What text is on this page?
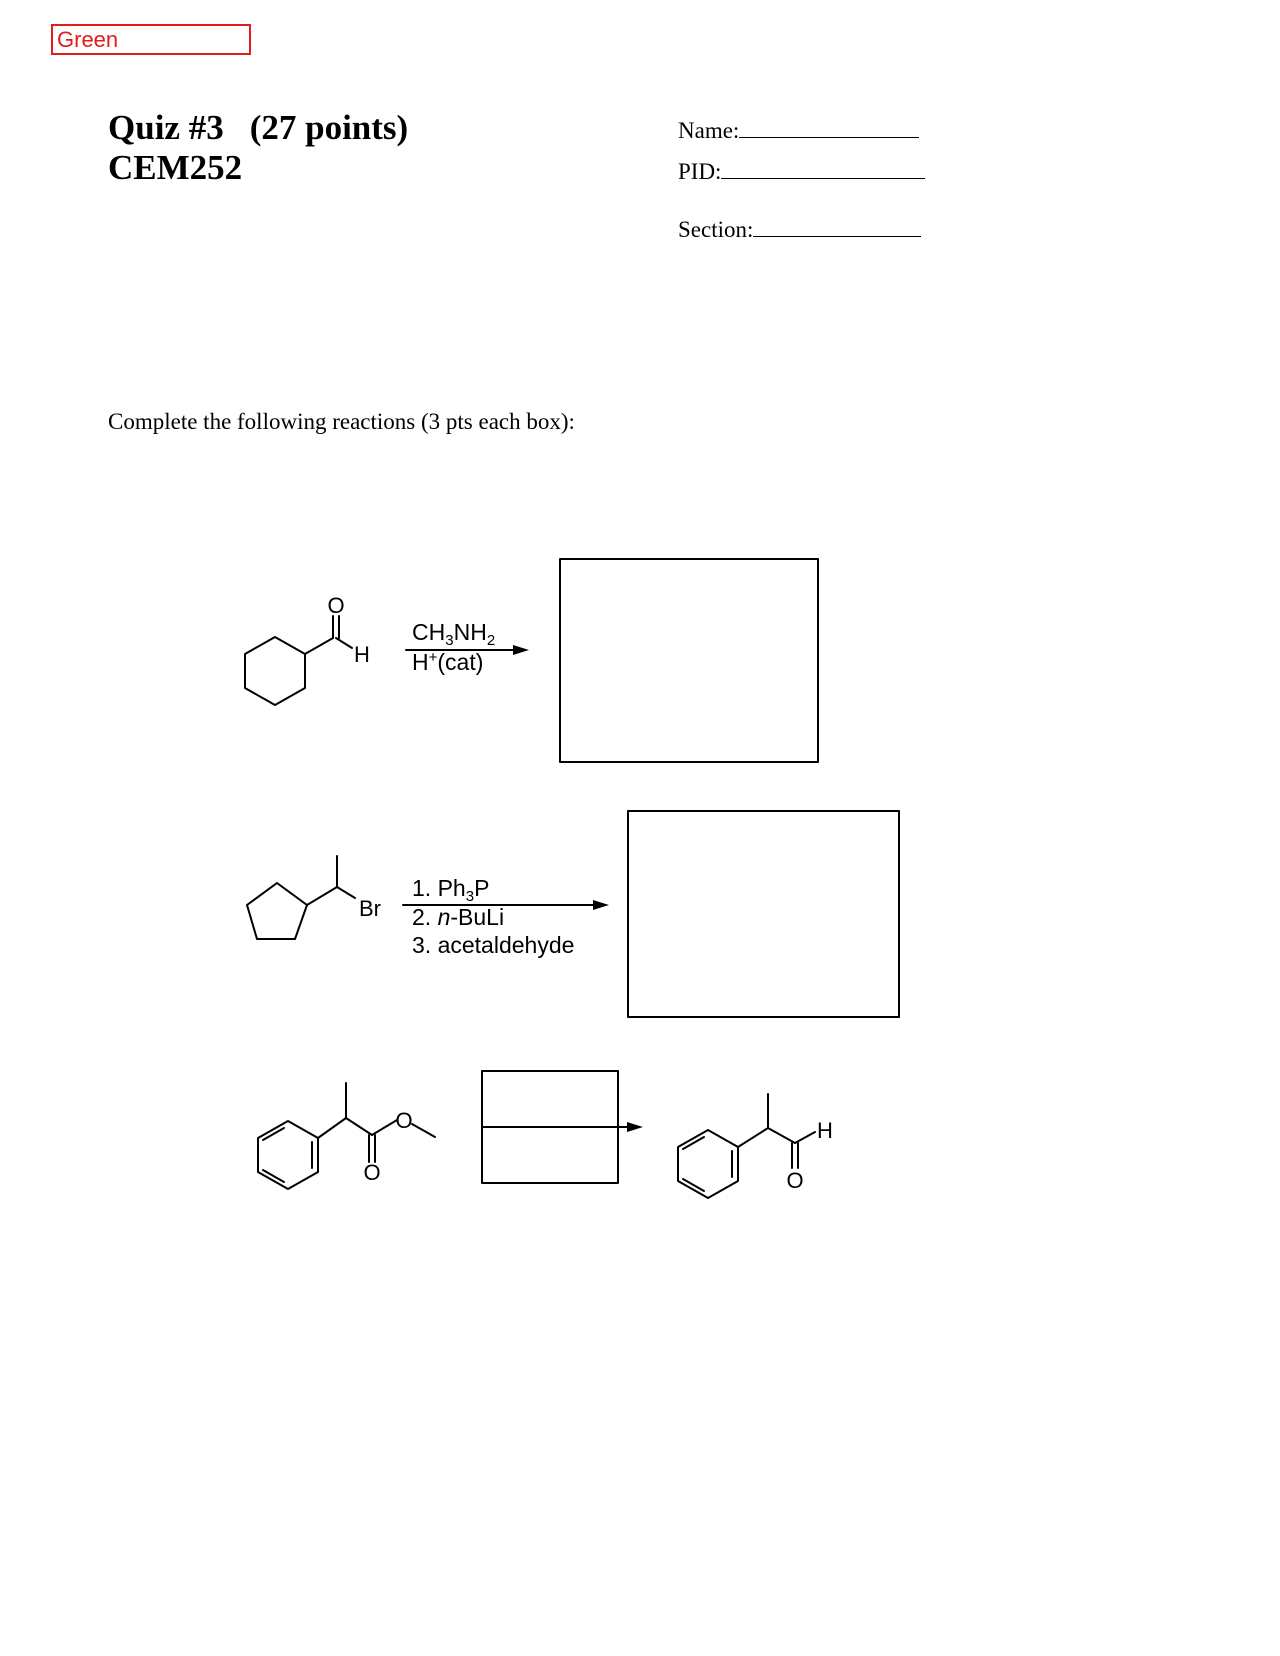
Green
Quiz #3 (27 points)
CEM252
Name:
PID:
Section:
Complete the following reactions (3 pts each box):
O
H
$CH_3NH_2$
H+(cat)
Br
1. $Ph_3P$
2. n-BuLi
3. acetaldehyde
O
O	O
H
